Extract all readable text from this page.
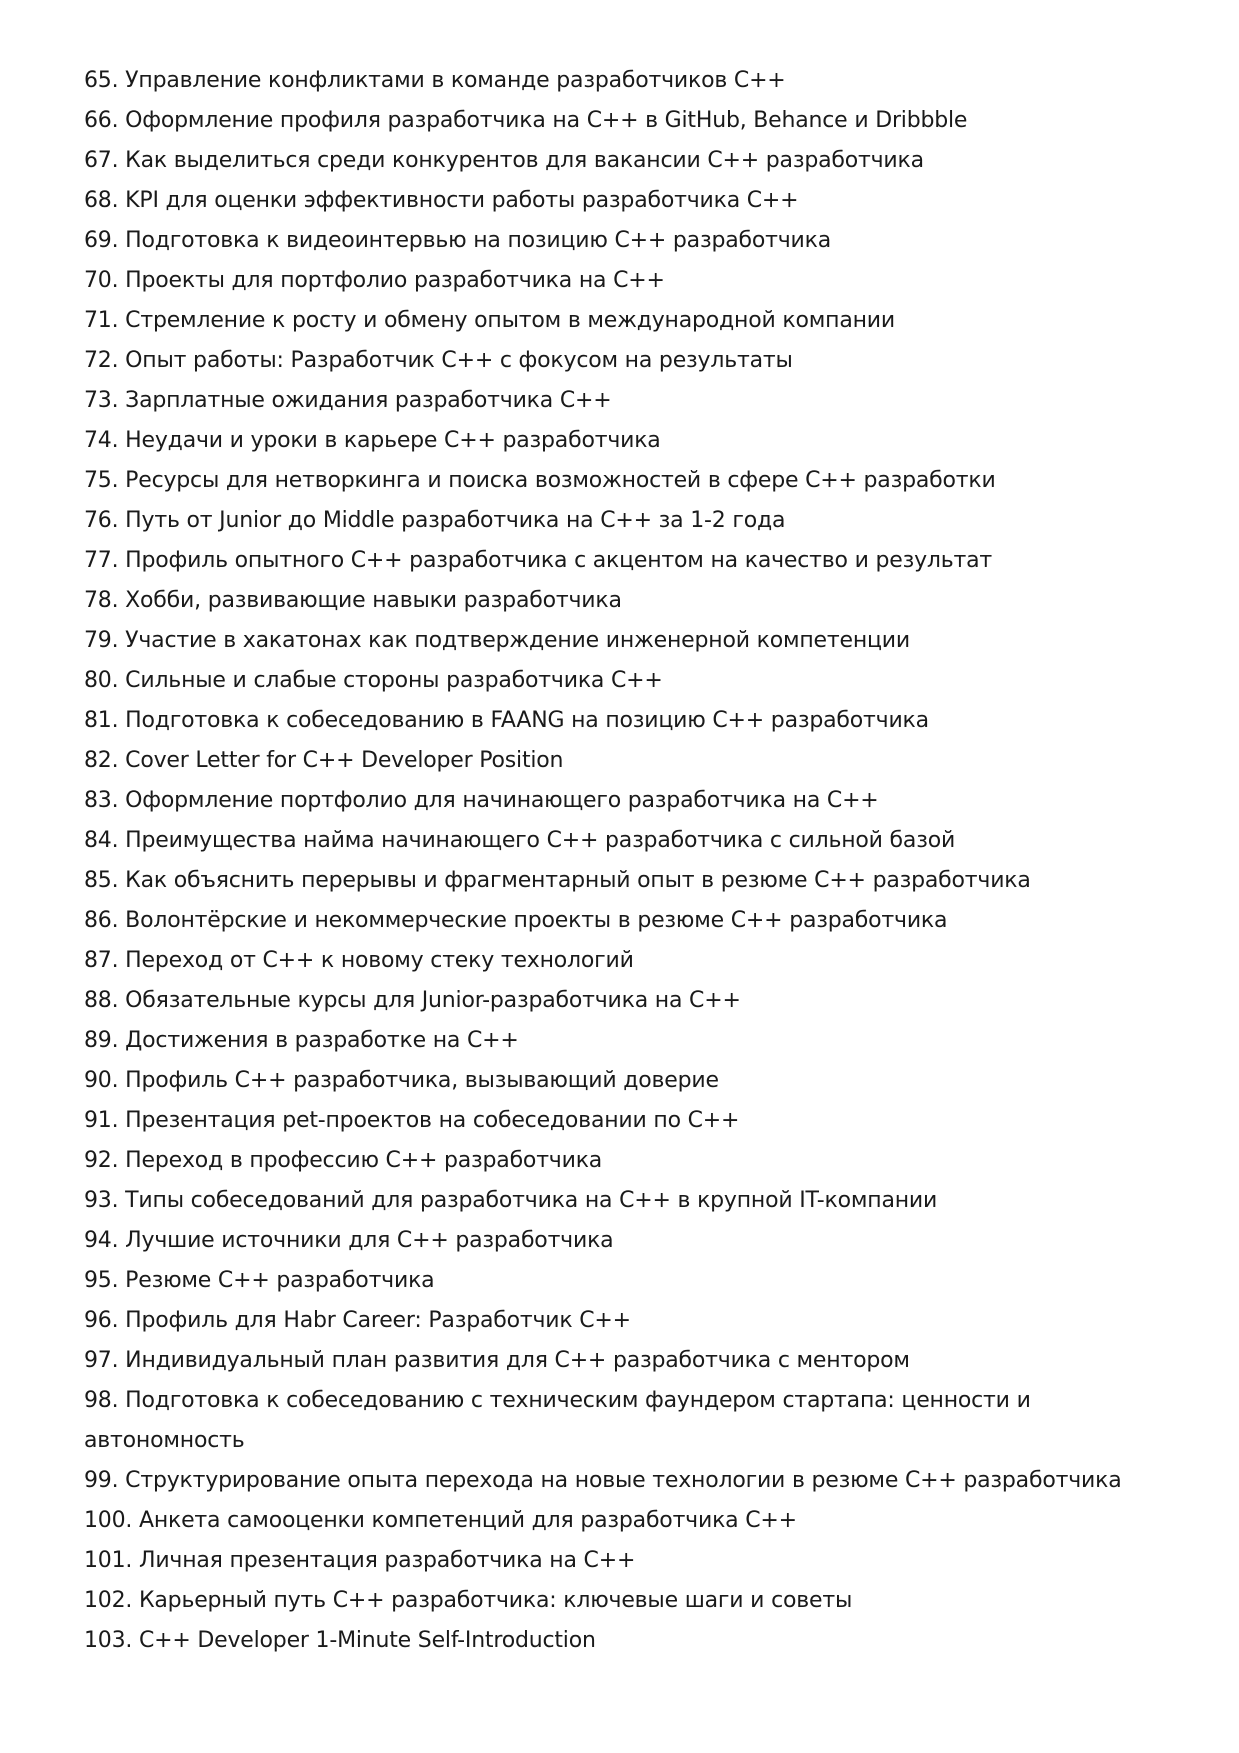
65. Управление конфликтами в команде разработчиков C++
66. Оформление профиля разработчика на C++ в GitHub, Behance и Dribbble
67. Как выделиться среди конкурентов для вакансии C++ разработчика
68. KPI для оценки эффективности работы разработчика C++
69. Подготовка к видеоинтервью на позицию C++ разработчика
70. Проекты для портфолио разработчика на C++
71. Стремление к росту и обмену опытом в международной компании
72. Опыт работы: Разработчик C++ с фокусом на результаты
73. Зарплатные ожидания разработчика C++
74. Неудачи и уроки в карьере C++ разработчика
75. Ресурсы для нетворкинга и поиска возможностей в сфере C++ разработки
76. Путь от Junior до Middle разработчика на C++ за 1-2 года
77. Профиль опытного C++ разработчика с акцентом на качество и результат
78. Хобби, развивающие навыки разработчика
79. Участие в хакатонах как подтверждение инженерной компетенции
80. Сильные и слабые стороны разработчика C++
81. Подготовка к собеседованию в FAANG на позицию C++ разработчика
82. Cover Letter for C++ Developer Position
83. Оформление портфолио для начинающего разработчика на C++
84. Преимущества найма начинающего C++ разработчика с сильной базой
85. Как объяснить перерывы и фрагментарный опыт в резюме C++ разработчика
86. Волонтёрские и некоммерческие проекты в резюме C++ разработчика
87. Переход от C++ к новому стеку технологий
88. Обязательные курсы для Junior-разработчика на C++
89. Достижения в разработке на C++
90. Профиль C++ разработчика, вызывающий доверие
91. Презентация pet-проектов на собеседовании по C++
92. Переход в профессию C++ разработчика
93. Типы собеседований для разработчика на C++ в крупной IT-компании
94. Лучшие источники для C++ разработчика
95. Резюме C++ разработчика
96. Профиль для Habr Career: Разработчик C++
97. Индивидуальный план развития для C++ разработчика с ментором
98. Подготовка к собеседованию с техническим фаундером стартапа: ценности и автономность
99. Структурирование опыта перехода на новые технологии в резюме C++ разработчика
100. Анкета самооценки компетенций для разработчика C++
101. Личная презентация разработчика на C++
102. Карьерный путь C++ разработчика: ключевые шаги и советы
103. C++ Developer 1-Minute Self-Introduction
